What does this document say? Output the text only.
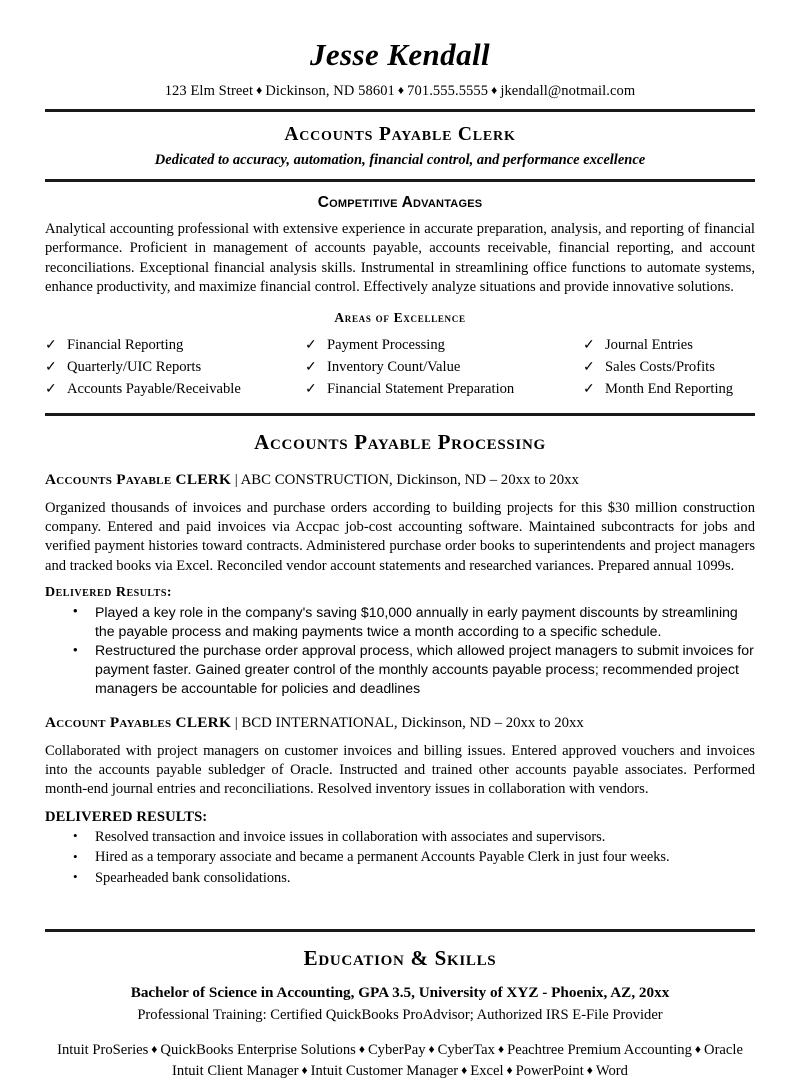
Jesse Kendall
123 Elm Street ♦ Dickinson, ND 58601 ♦ 701.555.5555 ♦ jkendall@notmail.com
Accounts Payable Clerk
Dedicated to accuracy, automation, financial control, and performance excellence
Competitive Advantages

Analytical accounting professional with extensive experience in accurate preparation, analysis, and reporting of financial performance. Proficient in management of accounts payable, accounts receivable, financial reporting, and account reconciliations. Exceptional financial analysis skills. Instrumental in streamlining office functions to automate systems, enhance productivity, and maximize financial control. Effectively analyze situations and provide innovative solutions.

Areas of Excellence
✓ Financial Reporting	✓ Payment Processing	✓ Journal Entries
✓ Quarterly/UIC Reports	✓ Inventory Count/Value	✓ Sales Costs/Profits
✓ Accounts Payable/Receivable	✓ Financial Statement Preparation	✓ Month End Reporting
Accounts Payable Processing
Accounts Payable CLERK | ABC CONSTRUCTION, Dickinson, ND – 20xx to 20xx

Organized thousands of invoices and purchase orders according to building projects for this $30 million construction company. Entered and paid invoices via Accpac job-cost accounting software. Maintained subcontracts for jobs and verified payment histories toward contracts. Administered purchase order books to superintendents and project managers and tracked books via Excel. Reconciled vendor account statements and researched variances. Prepared annual 1099s.

Delivered Results:
• Played a key role in the company's saving $10,000 annually in early payment discounts by streamlining the payable process and making payments twice a month according to a specific schedule.
• Restructured the purchase order approval process, which allowed project managers to submit invoices for payment faster. Gained greater control of the monthly accounts payable process; recommended project managers be accountable for policies and deadlines
Account Payables CLERK | BCD INTERNATIONAL, Dickinson, ND – 20xx to 20xx

Collaborated with project managers on customer invoices and billing issues. Entered approved vouchers and invoices into the accounts payable subledger of Oracle. Instructed and trained other accounts payable associates. Performed month-end journal entries and reconciliations. Resolved inventory issues in collaboration with vendors.

DELIVERED RESULTS:
• Resolved transaction and invoice issues in collaboration with associates and supervisors.
• Hired as a temporary associate and became a permanent Accounts Payable Clerk in just four weeks.
• Spearheaded bank consolidations.
Education & Skills
Bachelor of Science in Accounting, GPA 3.5, University of XYZ - Phoenix, AZ, 20xx
Professional Training: Certified QuickBooks ProAdvisor; Authorized IRS E-File Provider
Intuit ProSeries ♦ QuickBooks Enterprise Solutions ♦ CyberPay ♦ CyberTax ♦ Peachtree Premium Accounting ♦ Oracle
Intuit Client Manager ♦ Intuit Customer Manager ♦ Excel ♦ PowerPoint ♦ Word
